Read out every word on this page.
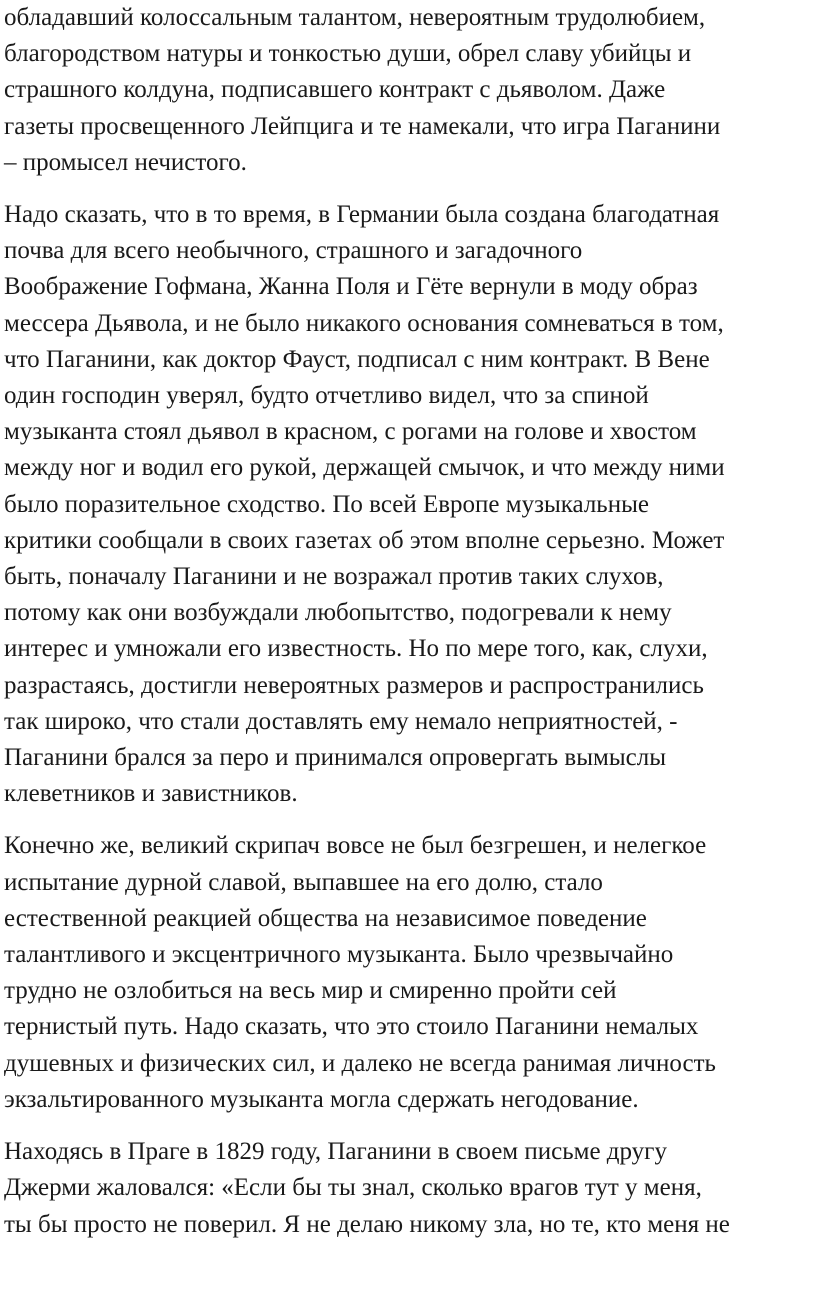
обладавший колоссальным талантом, невероятным трудолюбием,
благородством натуры и тонкостью души, обрел славу убийцы и
страшного колдуна, подписавшего контракт с дьяволом. Даже
газеты просвещенного Лейпцига и те намекали, что игра Паганини
– промысел нечистого.
Надо сказать, что в то время, в Германии была создана благодатная
почва для всего необычного, страшного и загадочного
Воображение Гофмана, Жанна Поля и Гёте вернули в моду образ
мессера Дьявола, и не было никакого основания сомневаться в том,
что Паганини, как доктор Фауст, подписал с ним контракт. В Вене
один господин уверял, будто отчетливо видел, что за спиной
музыканта стоял дьявол в красном, с рогами на голове и хвостом
между ног и водил его рукой, держащей смычок, и что между ними
было поразительное сходство. По всей Европе музыкальные
критики сообщали в своих газетах об этом вполне серьезно. Может
быть, поначалу Паганини и не возражал против таких слухов,
потому как они возбуждали любопытство, подогревали к нему
интерес и умножали его известность. Но по мере того, как, слухи,
разрастаясь, достигли невероятных размеров и распространились
так широко, что стали доставлять ему немало неприятностей, -
Паганини брался за перо и принимался опровергать вымыслы
клеветников и завистников.
Конечно же, великий скрипач вовсе не был безгрешен, и нелегкое
испытание дурной славой, выпавшее на его долю, стало
естественной реакцией общества на независимое поведение
талантливого и эксцентричного музыканта. Было чрезвычайно
трудно не озлобиться на весь мир и смиренно пройти сей
тернистый путь. Надо сказать, что это стоило Паганини немалых
душевных и физических сил, и далеко не всегда ранимая личность
экзальтированного музыканта могла сдержать негодование.
Находясь в Праге в 1829 году, Паганини в своем письме другу
Джерми жаловался: «Если бы ты знал, сколько врагов тут у меня,
ты бы просто не поверил. Я не делаю никому зла, но те, кто меня не
